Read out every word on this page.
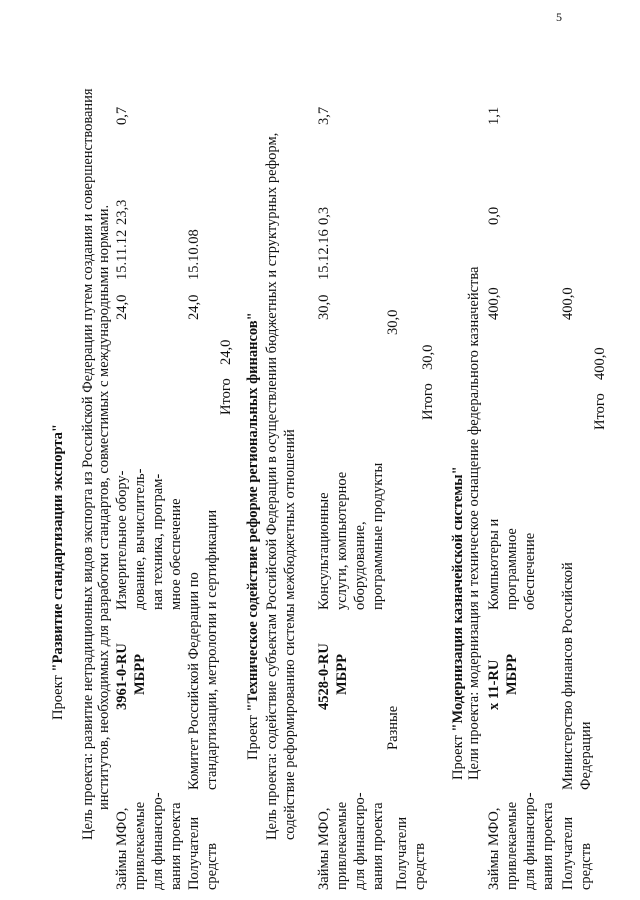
5
Проект "Развитие стандартизации экспорта" Цель проекта: развитие нетрадиционных видов экспорта из Российской Федерации путем создания и совершенствования институтов, необходимых для разработки стандартов, совместимых с международными нормами.
Займы МФО, привлекаемые для финансиро- вания проекта
3961-0-RU МБРР
Измерительное обору- дование, вычислитель- ная техника, програм- мное обеспечение
24,0
15.11.12
23,3
0,7
Получатели средств
Комитет Российской Федерации по стандартизации, метрологии и сертификации
24,0
15.10.08
Итого
24,0
Проект "Техническое содействие реформе региональных финансов" Цель проекта: содействие субъектам Российской Федерации в осуществлении бюджетных и структурных реформ, содействие реформированию системы межбюджетных отношений
Займы МФО, привлекаемые для финансиро- вания проекта
4528-0-RU МБРР
Консультационные услуги, компьютерное оборудование, программные продукты
30,0
15.12.16
0,3
3,7
30,0
Получатели средств
Разные
Итого
30,0
Проект "Модернизация казначейской системы" Цели проекта: модернизация и техническое оснащение федерального казначейства
Займы МФО, привлекаемые для финансиро- вания проекта
x 11-RU МБРР
Компьютеры и программное обеспечение
400,0
0,0
1,1
Получатели средств
Министерство финансов Российской Федерации
400,0
Итого
400,0
